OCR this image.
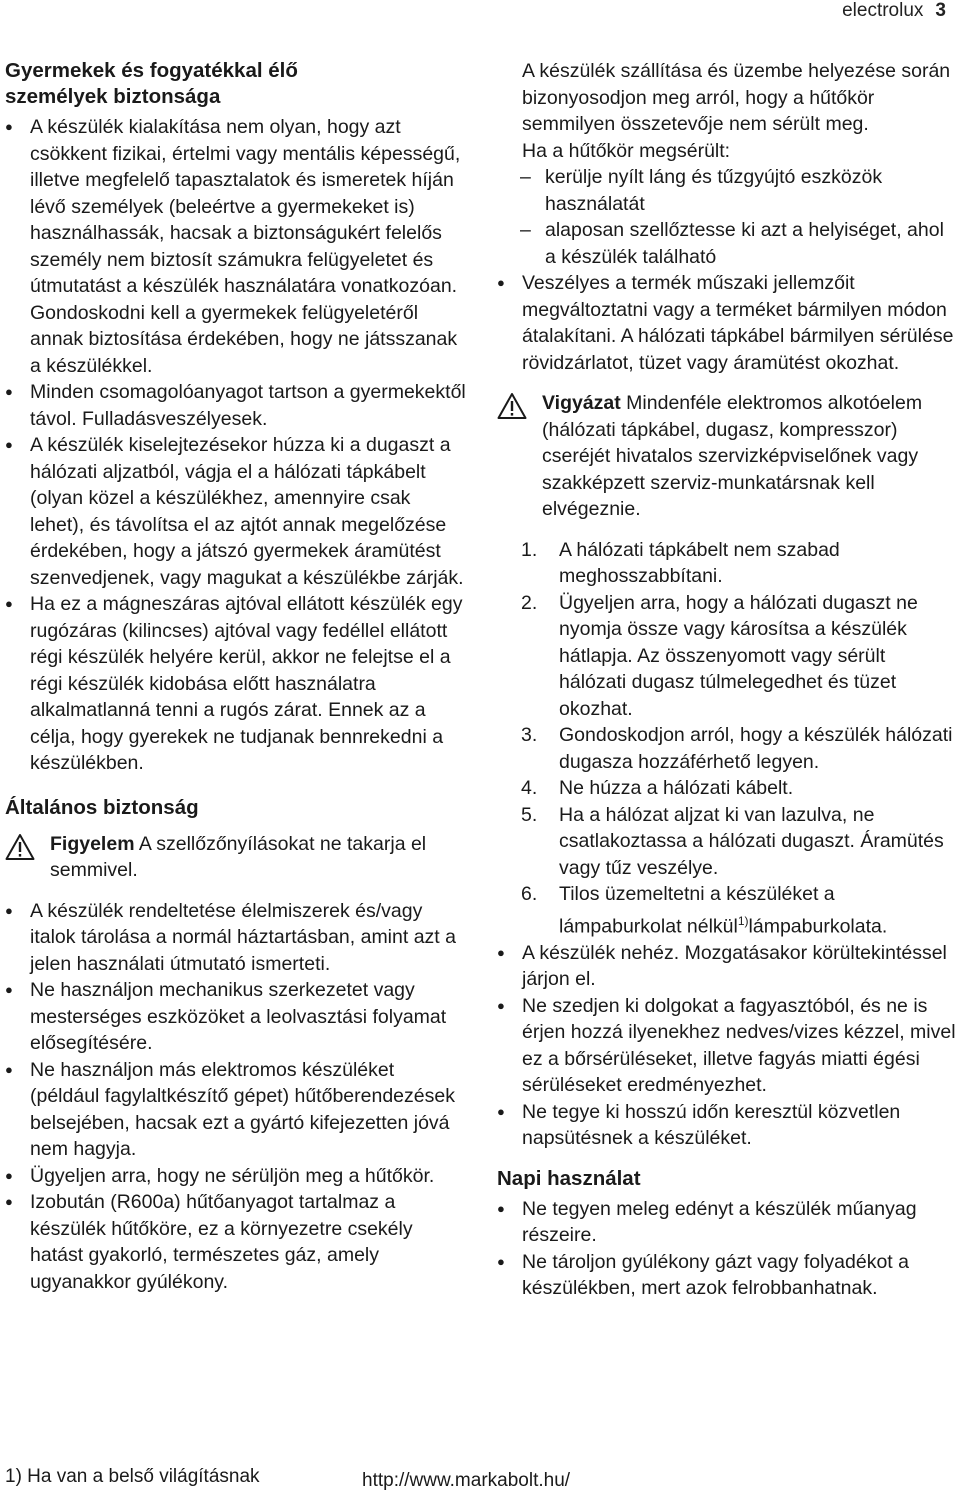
electrolux 3
Gyermekek és fogyatékkal élő
személyek biztonsága
● A készülék kialakítása nem olyan, hogy azt csökkent fizikai, értelmi vagy mentális képességű, illetve megfelelő tapasztalatok és ismeretek híján lévő személyek (beleértve a gyermekeket is) használhassák, hacsak a biztonságukért felelős személy nem biztosít számukra felügyeletet és útmutatást a készülék használatára vonatkozóan. Gondoskodni kell a gyermekek felügyeletéről annak biztosítása érdekében, hogy ne játsszanak a készülékkel.
● Minden csomagolóanyagot tartson a gyermekektől távol. Fulladásveszélyesek.
● A készülék kiselejtezésekor húzza ki a dugaszt a hálózati aljzatból, vágja el a hálózati tápkábelt (olyan közel a készülékhez, amennyire csak lehet), és távolítsa el az ajtót annak megelőzése érdekében, hogy a játszó gyermekek áramütést szenvedjenek, vagy magukat a készülékbe zárják.
● Ha ez a mágneszáras ajtóval ellátott készülék egy rugózáras (kilincses) ajtóval vagy fedéllel ellátott régi készülék helyére kerül, akkor ne felejtse el a régi készülék kidobása előtt használatra alkalmatlanná tenni a rugós zárat. Ennek az a célja, hogy gyerekek ne tudjanak bennrekedni a készülékben.
Általános biztonság

Figyelem A szellőzőnyílásokat ne takarja el semmivel.

● A készülék rendeltetése élelmiszerek és/vagy italok tárolása a normál háztartásban, amint azt a jelen használati útmutató ismerteti.
● Ne használjon mechanikus szerkezetet vagy mesterséges eszközöket a leolvasztási folyamat elősegítésére.
● Ne használjon más elektromos készüléket (például fagylaltkészítő gépet) hűtőberendezések belsejében, hacsak ezt a gyártó kifejezetten jóvá nem hagyja.
● Ügyeljen arra, hogy ne sérüljön meg a hűtőkör.
● Izobután (R600a) hűtőanyagot tartalmaz a készülék hűtőköre, ez a környezetre csekély hatást gyakorló, természetes gáz, amely ugyanakkor gyúlékony.

A készülék szállítása és üzembe helyezése során bizonyosodjon meg arról, hogy a hűtőkör semmilyen összetevője nem sérült meg.

Ha a hűtőkör megsérült:

– kerülje nyílt láng és tűzgyújtó eszközök használatát
– alaposan szellőztesse ki azt a helyiséget, ahol a készülék található
● Veszélyes a termék műszaki jellemzőit megváltoztatni vagy a terméket bármilyen módon átalakítani. A hálózati tápkábel bármilyen sérülése rövidzárlatot, tüzet vagy áramütést okozhat.

Vigyázat Mindenféle elektromos alkotóelem (hálózati tápkábel, dugasz, kompresszor) cseréjét hivatalos szervizképviselőnek vagy szakképzett szerviz-munkatársnak kell elvégeznie.

1.	A hálózati tápkábelt nem szabad meghosszabbítani.
2.	Ügyeljen arra, hogy a hálózati dugaszt ne nyomja össze vagy károsítsa a készülék hátlapja. Az összenyomott vagy sérült hálózati dugasz túlmelegedhet és tüzet okozhat.
3.	Gondoskodjon arról, hogy a készülék hálózati dugasza hozzáférhető legyen.
4.	Ne húzza a hálózati kábelt.
5.	Ha a hálózat aljzat ki van lazulva, ne csatlakoztassa a hálózati dugaszt. Áramütés vagy tűz veszélye.
6.	Tilos üzemeltetni a készüléket a lámpaburkolat nélkül$^{1)}$lámpaburkolata.
● A készülék nehéz. Mozgatásakor körültekintéssel járjon el.
● Ne szedjen ki dolgokat a fagyasztóból, és ne is érjen hozzá ilyenekhez nedves/vizes kézzel, mivel ez a bőrsérüléseket, illetve fagyás miatti égési sérüléseket eredményezhet.
● Ne tegye ki hosszú időn keresztül közvetlen napsütésnek a készüléket.
Napi használat
● Ne tegyen meleg edényt a készülék műanyag részeire.
● Ne tároljon gyúlékony gázt vagy folyadékot a készülékben, mert azok felrobbanhatnak.
1) Ha van a belső világításnak	http://www.markabolt.hu/
